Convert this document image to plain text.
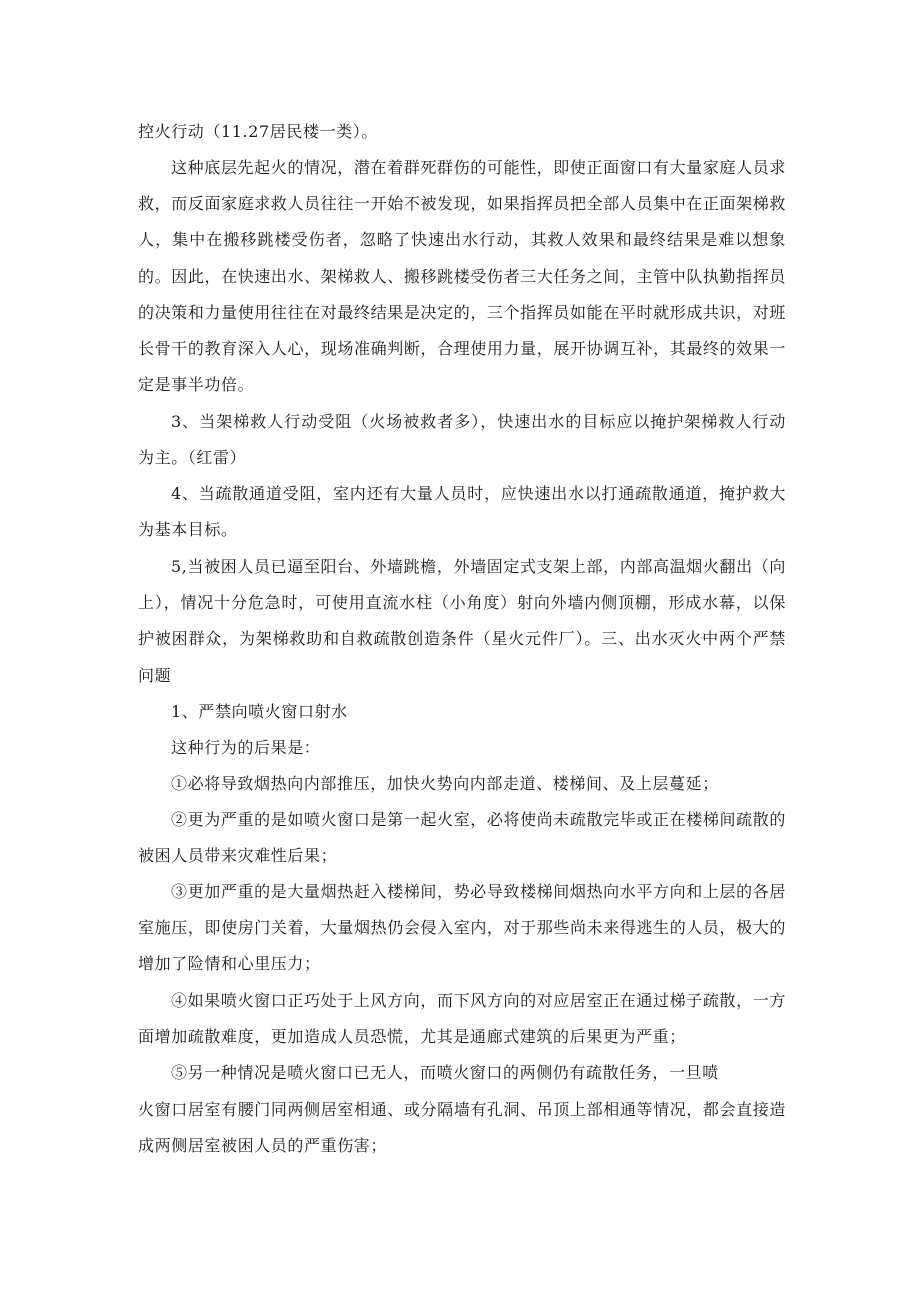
控火行动（11.27居民楼一类）。

这种底层先起火的情况，潜在着群死群伤的可能性，即使正面窗口有大量家庭人员求救，而反面家庭求救人员往往一开始不被发现，如果指挥员把全部人员集中在正面架梯救人，集中在搬移跳楼受伤者，忽略了快速出水行动，其救人效果和最终结果是难以想象的。因此，在快速出水、架梯救人、搬移跳楼受伤者三大任务之间，主管中队执勤指挥员的决策和力量使用往往在对最终结果是决定的，三个指挥员如能在平时就形成共识，对班长骨干的教育深入人心，现场准确判断，合理使用力量，展开协调互补，其最终的效果一定是事半功倍。

3、当架梯救人行动受阻（火场被救者多），快速出水的目标应以掩护架梯救人行动为主。（红雷）

4、当疏散通道受阻，室内还有大量人员时，应快速出水以打通疏散通道，掩护救大为基本目标。

5,当被困人员已逼至阳台、外墙跳檐，外墙固定式支架上部，内部高温烟火翻出（向上），情况十分危急时，可使用直流水柱（小角度）射向外墙内侧顶棚，形成水幕，以保护被困群众，为架梯救助和自救疏散创造条件（星火元件厂）。三、出水灭火中两个严禁问题

1、严禁向喷火窗口射水

这种行为的后果是：

①必将导致烟热向内部推压，加快火势向内部走道、楼梯间、及上层蔓延；

②更为严重的是如喷火窗口是第一起火室，必将使尚未疏散完毕或正在楼梯间疏散的被困人员带来灾难性后果；

③更加严重的是大量烟热赶入楼梯间，势必导致楼梯间烟热向水平方向和上层的各居室施压，即使房门关着，大量烟热仍会侵入室内，对于那些尚未来得逃生的人员，极大的增加了险情和心里压力；

④如果喷火窗口正巧处于上风方向，而下风方向的对应居室正在通过梯子疏散，一方面增加疏散难度，更加造成人员恐慌，尤其是通廊式建筑的后果更为严重；

⑤另一种情况是喷火窗口已无人，而喷火窗口的两侧仍有疏散任务，一旦喷

火窗口居室有腰门同两侧居室相通、或分隔墙有孔洞、吊顶上部相通等情况，都会直接造成两侧居室被困人员的严重伤害；
